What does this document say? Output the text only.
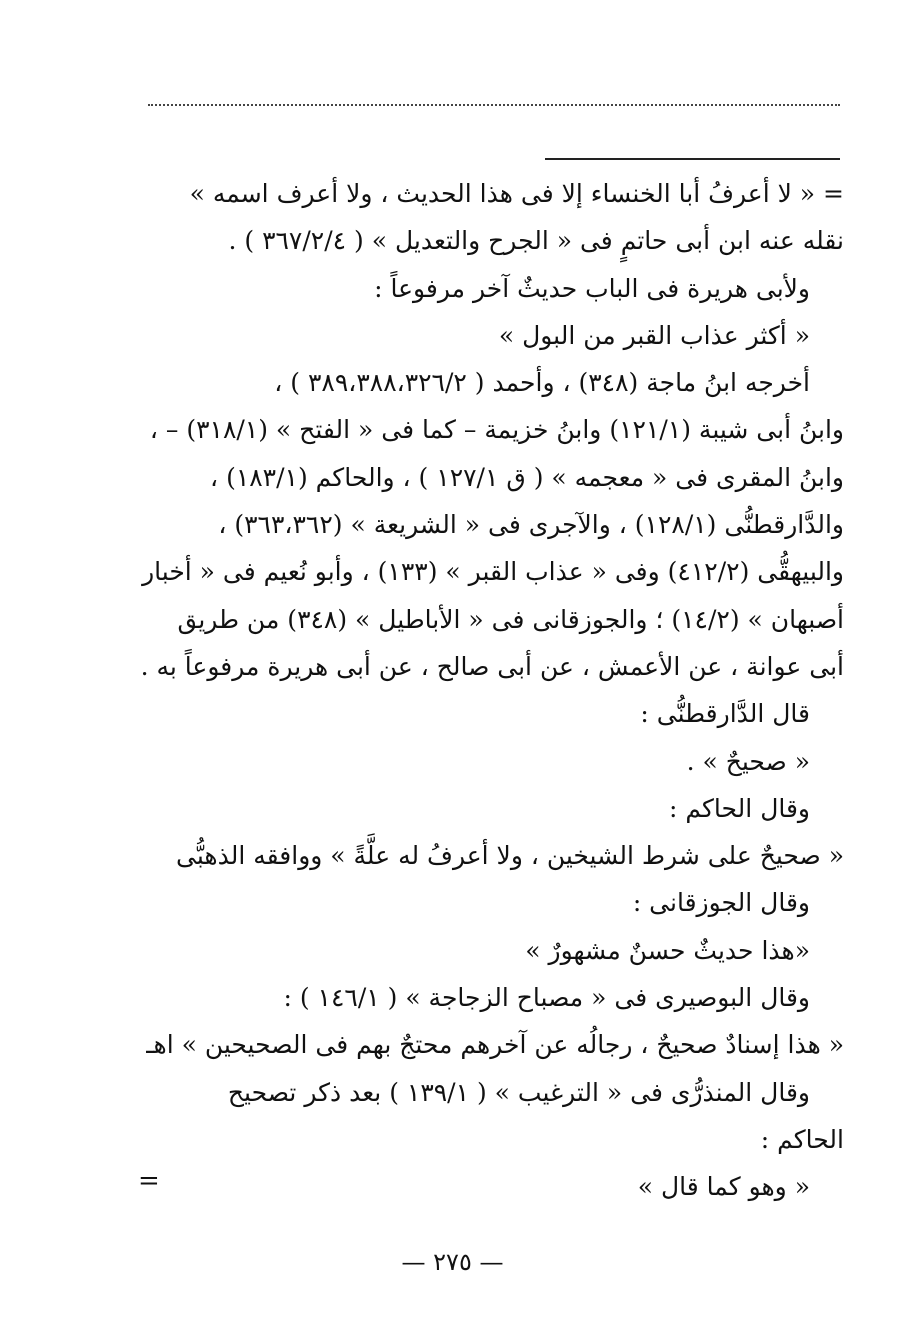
= « لا أعرفُ أبا الخنساء إلا فى هذا الحديث ، ولا أعرف اسمه »
نقله عنه ابن أبى حاتمٍ فى « الجرح والتعديل » ( ٣٦٧/٢/٤ ) .
ولأبى هريرة فى الباب حديثٌ آخر مرفوعاً :
« أكثر عذاب القبر من البول »
أخرجه ابنُ ماجة (٣٤٨) ، وأحمد ( ٣٨٩،٣٨٨،٣٢٦/٢ ) ،
وابنُ أبى شيبة (١٢١/١) وابنُ خزيمة – كما فى « الفتح » (٣١٨/١) – ،
وابنُ المقرى فى « معجمه » ( ق ١٢٧/١ ) ، والحاكم (١٨٣/١) ،
والدَّارقطنُّى (١٢٨/١) ، والآجرى فى « الشريعة » (٣٦٣،٣٦٢) ،
والبيهقُّى (٤١٢/٢) وفى « عذاب القبر » (١٣٣) ، وأبو نُعيم فى « أخبار
أصبهان » (١٤/٢) ؛ والجوزقانى فى « الأباطيل » (٣٤٨) من طريق
أبى عوانة ، عن الأعمش ، عن أبى صالح ، عن أبى هريرة مرفوعاً به .
قال الدَّارقطنُّى :
« صحيحٌ » .
وقال الحاكم :
« صحيحٌ على شرط الشيخين ، ولا أعرفُ له علَّةً » ووافقه الذهبُّى
وقال الجوزقانى :
«هذا حديثٌ حسنٌ مشهورٌ »
وقال البوصيرى فى « مصباح الزجاجة » ( ١٤٦/١ ) :
« هذا إسنادٌ صحيحٌ ، رجالُه عن آخرهم محتجٌ بهم فى الصحيحين » اهـ
وقال المنذرُّى فى « الترغيب » ( ١٣٩/١ ) بعد ذكر تصحيح
الحاكم :
« وهو كما قال »
=
— ٢٧٥ —
